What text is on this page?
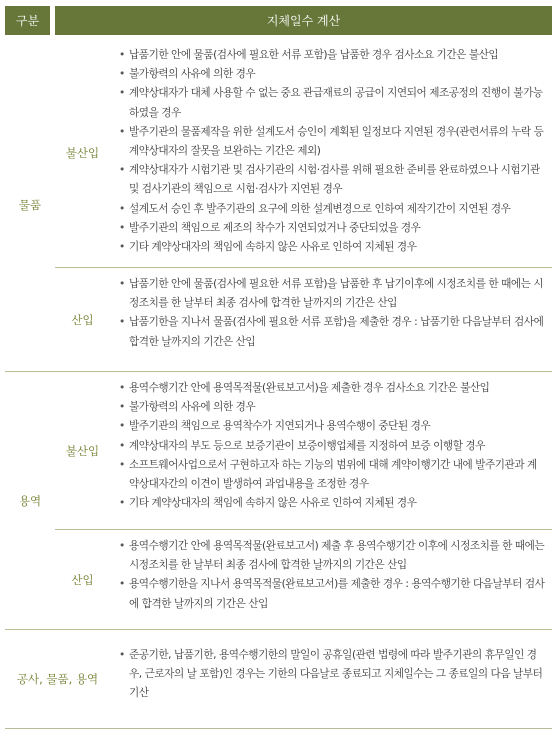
구분	지체일수 계산
물품
불산입
• 납품기한 안에 물품(검사에 필요한 서류 포함)을 납품한 경우 검사소요 기간은 불산입
• 불가항력의 사유에 의한 경우
• 계약상대자가 대체 사용할 수 없는 중요 관급재료의 공급이 지연되어 제조공정의 진행이 불가능하였을 경우
• 발주기관의 물품제작을 위한 설계도서 승인이 계획된 일정보다 지연된 경우(관련서류의 누락 등 계약상대자의 잘못을 보완하는 기간은 제외)
• 계약상대자가 시험기관 및 검사기관의 시험·검사를 위해 필요한 준비를 완료하였으나 시험기관 및 검사기관의 책임으로 시험·검사가 지연된 경우
• 설계도서 승인 후 발주기관의 요구에 의한 설계변경으로 인하여 제작기간이 지연된 경우
• 발주기관의 책임으로 제조의 착수가 지연되었거나 중단되었을 경우
• 기타 계약상대자의 책임에 속하지 않은 사유로 인하여 지체된 경우
산입
• 납품기한 안에 물품(검사에 필요한 서류 포함)을 납품한 후 납기이후에 시정조치를 한 때에는 시정조치를 한 날부터 최종 검사에 합격한 날까지의 기간은 산입
• 납품기한을 지나서 물품(검사에 필요한 서류 포함)을 제출한 경우 : 납품기한 다음날부터 검사에 합격한 날까지의 기간은 산입
용역
불산입
• 용역수행기간 안에 용역목적물(완료보고서)을 제출한 경우 검사소요 기간은 불산입
• 불가항력의 사유에 의한 경우
• 발주기관의 책임으로 용역착수가 지연되거나 용역수행이 중단된 경우
• 계약상대자의 부도 등으로 보증기관이 보증이행업체를 지정하여 보증 이행할 경우
• 소프트웨어사업으로서 구현하고자 하는 기능의 범위에 대해 계약이행기간 내에 발주기관과 계약상대자간의 이견이 발생하여 과업내용을 조정한 경우
• 기타 계약상대자의 책임에 속하지 않은 사유로 인하여 지체된 경우
산입
• 용역수행기간 안에 용역목적물(완료보고서) 제출 후 용역수행기간 이후에 시정조치를 한 때에는 시정조치를 한 날부터 최종 검사에 합격한 날까지의 기간은 산입
• 용역수행기한을 지나서 용역목적물(완료보고서)를 제출한 경우 : 용역수행기한 다음날부터 검사에 합격한 날까지의 기간은 산입
공사, 물품, 용역
• 준공기한, 납품기한, 용역수행기한의 말일이 공휴일(관련 법령에 따라 발주기관의 휴무일인 경우, 근로자의 날 포함)인 경우는 기한의 다음날로 종료되고 지체일수는 그 종료일의 다음 날부터 기산
